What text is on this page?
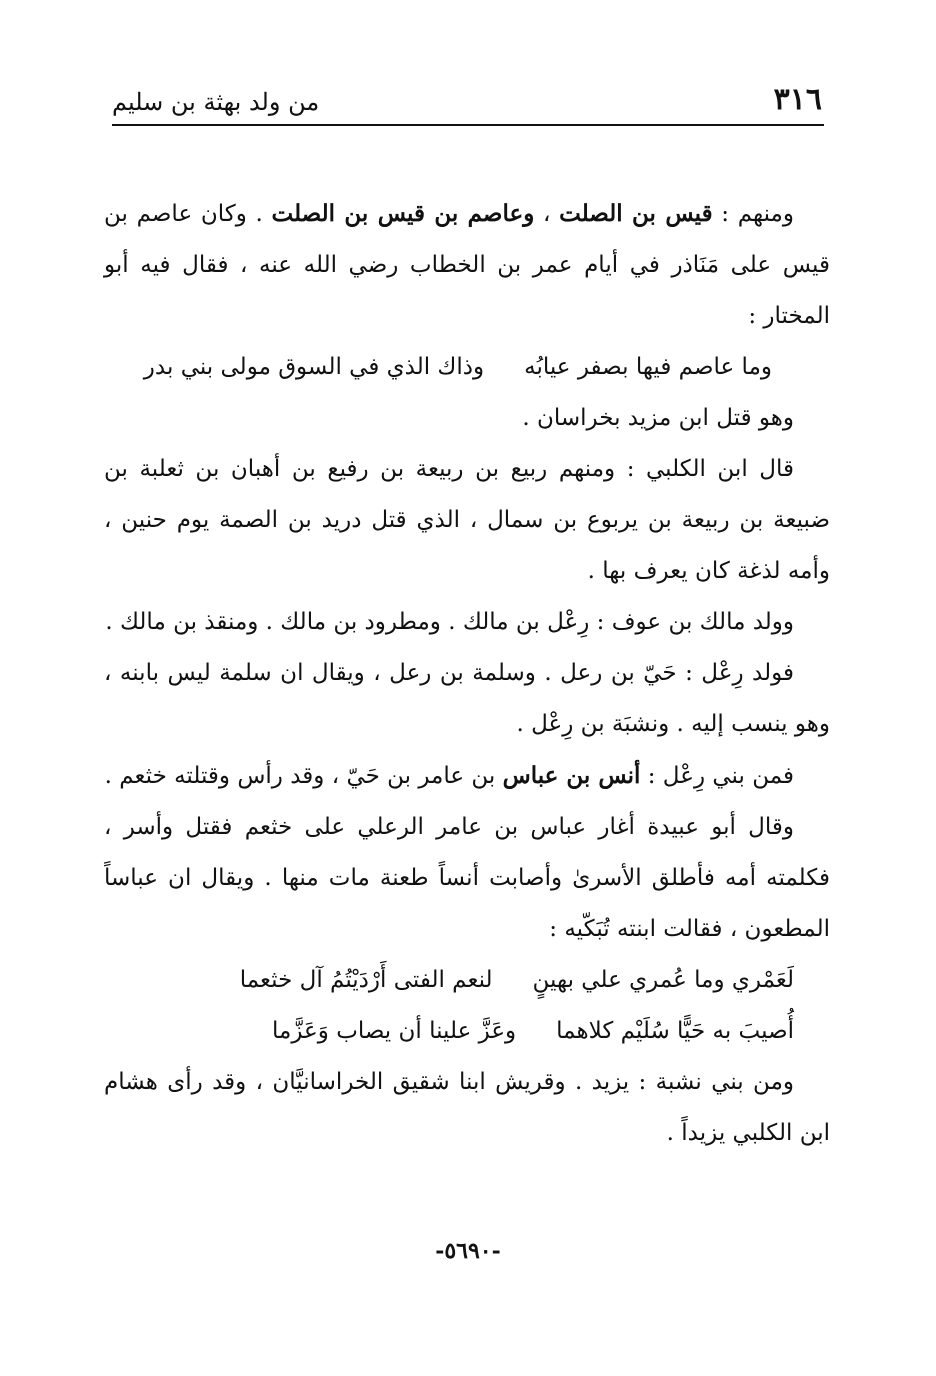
٣١٦
من ولد بهثة بن سليم

ومنهم : قيس بن الصلت ، وعاصم بن قيس بن الصلت . وكان عاصم بن قيس على مَنَاذر في أيام عمر بن الخطاب رضي الله عنه ، فقال فيه أبو المختار :

وما عاصم فيها بصفر عيابُه
وذاك الذي في السوق مولى بني بدر

وهو قتل ابن مزيد بخراسان .

قال ابن الكلبي : ومنهم ربيع بن ربيعة بن رفيع بن أهبان بن ثعلبة بن ضبيعة بن ربيعة بن يربوع بن سمال ، الذي قتل دريد بن الصمة يوم حنين ، وأمه لذغة كان يعرف بها .

وولد مالك بن عوف : رِعْل بن مالك . ومطرود بن مالك . ومنقذ بن مالك .

فولد رِعْل : حَيّ بن رعل . وسلمة بن رعل ، ويقال ان سلمة ليس بابنه ، وهو ينسب إليه . ونشبَة بن رِعْل .

فمن بني رِعْل : أنس بن عباس بن عامر بن حَيّ ، وقد رأس وقتلته خثعم .

وقال أبو عبيدة أغار عباس بن عامر الرعلي على خثعم فقتل وأسر ، فكلمته أمه فأطلق الأسرىٰ وأصابت أنساً طعنة مات منها . ويقال ان عباساً المطعون ، فقالت ابنته تُبَكّيه :

لَعَمْري وما عُمري علي بهينٍ
لنعم الفتى أَرْدَيْتُمُ آل خثعما
أُصيبَ به حَيًّا سُلَيْم كلاهما
وعَزَّ علينا أن يصاب وَعَزَّما

ومن بني نشبة : يزيد . وقريش ابنا شقيق الخراسانيَّان ، وقد رأى هشام ابن الكلبي يزيداً .

-٥٦٩٠-
